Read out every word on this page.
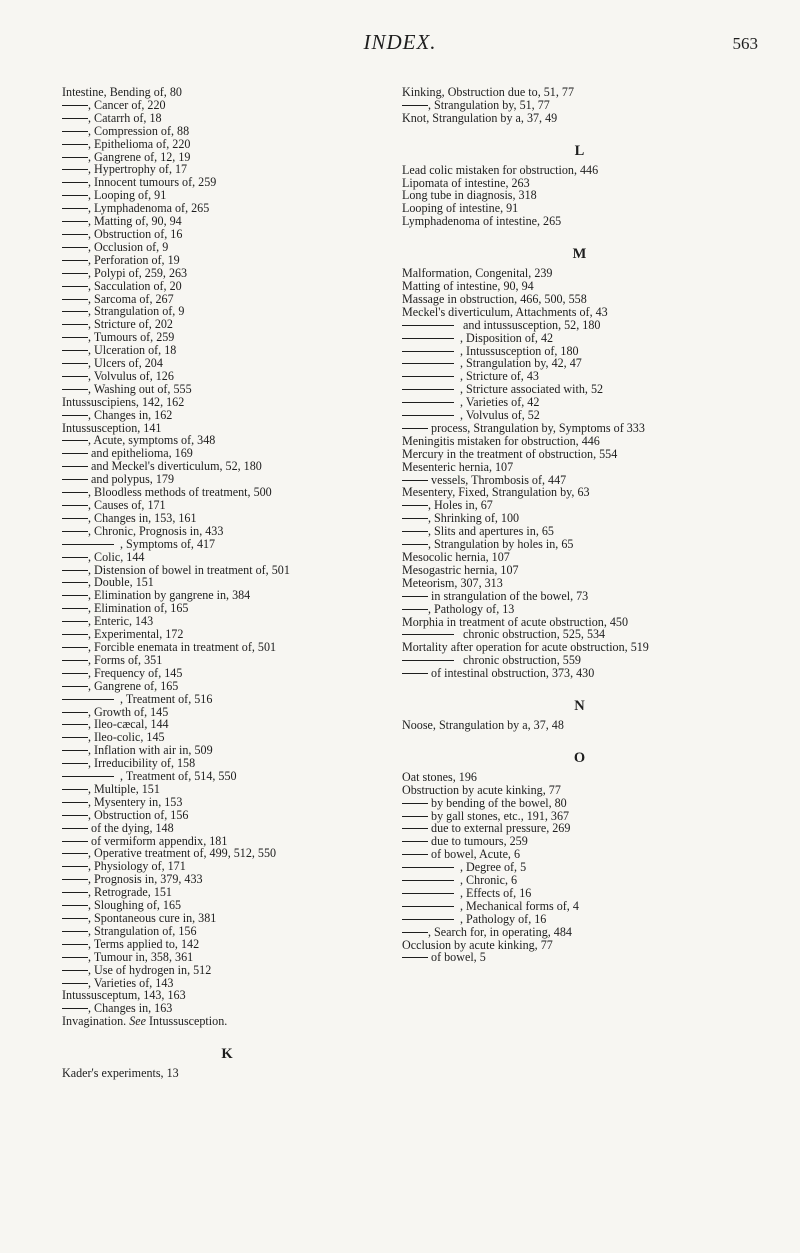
INDEX.	563
Intestine, Bending of, 80
, Cancer of, 220
, Catarrh of, 18
, Compression of, 88
, Epithelioma of, 220
, Gangrene of, 12, 19
, Hypertrophy of, 17
, Innocent tumours of, 259
, Looping of, 91
, Lymphadenoma of, 265
, Matting of, 90, 94
, Obstruction of, 16
, Occlusion of, 9
, Perforation of, 19
, Polypi of, 259, 263
, Sacculation of, 20
, Sarcoma of, 267
, Strangulation of, 9
, Stricture of, 202
, Tumours of, 259
, Ulceration of, 18
, Ulcers of, 204
, Volvulus of, 126
, Washing out of, 555
Intussuscipiens, 142, 162
, Changes in, 162
Intussusception, 141
, Acute, symptoms of, 348
and epithelioma, 169
and Meckel's diverticulum, 52, 180
and polypus, 179
, Bloodless methods of treatment, 500
, Causes of, 171
, Changes in, 153, 161
, Chronic, Prognosis in, 433
, Symptoms of, 417
, Colic, 144
, Distension of bowel in treatment of, 501
, Double, 151
, Elimination by gangrene in, 384
, Elimination of, 165
, Enteric, 143
, Experimental, 172
, Forcible enemata in treatment of, 501
, Forms of, 351
, Frequency of, 145
, Gangrene of, 165
, Treatment of, 516
, Growth of, 145
, Ileo-cæcal, 144
, Ileo-colic, 145
, Inflation with air in, 509
, Irreducibility of, 158
, Treatment of, 514, 550
, Multiple, 151
, Mysentery in, 153
, Obstruction of, 156
of the dying, 148
of vermiform appendix, 181
, Operative treatment of, 499, 512, 550
, Physiology of, 171
, Prognosis in, 379, 433
, Retrograde, 151
, Sloughing of, 165
, Spontaneous cure in, 381
, Strangulation of, 156
, Terms applied to, 142
, Tumour in, 358, 361
, Use of hydrogen in, 512
, Varieties of, 143
Intussusceptum, 143, 163
, Changes in, 163
Invagination. See Intussusception.
K
Kader's experiments, 13
Kinking, Obstruction due to, 51, 77
, Strangulation by, 51, 77
Knot, Strangulation by a, 37, 49
L
Lead colic mistaken for obstruction, 446
Lipomata of intestine, 263
Long tube in diagnosis, 318
Looping of intestine, 91
Lymphadenoma of intestine, 265
M
Malformation, Congenital, 239
Matting of intestine, 90, 94
Massage in obstruction, 466, 500, 558
Meckel's diverticulum, Attachments of, 43
and intussusception, 52, 180
, Disposition of, 42
, Intussusception of, 180
, Strangulation by, 42, 47
, Stricture of, 43
, Stricture associated with, 52
, Varieties of, 42
, Volvulus of, 52
process, Strangulation by, Symptoms of 333
Meningitis mistaken for obstruction, 446
Mercury in the treatment of obstruction, 554
Mesenteric hernia, 107
vessels, Thrombosis of, 447
Mesentery, Fixed, Strangulation by, 63
, Holes in, 67
, Shrinking of, 100
, Slits and apertures in, 65
, Strangulation by holes in, 65
Mesocolic hernia, 107
Mesogastric hernia, 107
Meteorism, 307, 313
in strangulation of the bowel, 73
, Pathology of, 13
Morphia in treatment of acute obstruction, 450
chronic obstruction, 525, 534
Mortality after operation for acute obstruction, 519
chronic obstruction, 559
of intestinal obstruction, 373, 430
N
Noose, Strangulation by a, 37, 48
O
Oat stones, 196
Obstruction by acute kinking, 77
by bending of the bowel, 80
by gall stones, etc., 191, 367
due to external pressure, 269
due to tumours, 259
of bowel, Acute, 6
, Degree of, 5
, Chronic, 6
, Effects of, 16
, Mechanical forms of, 4
, Pathology of, 16
, Search for, in operating, 484
Occlusion by acute kinking, 77
of bowel, 5
